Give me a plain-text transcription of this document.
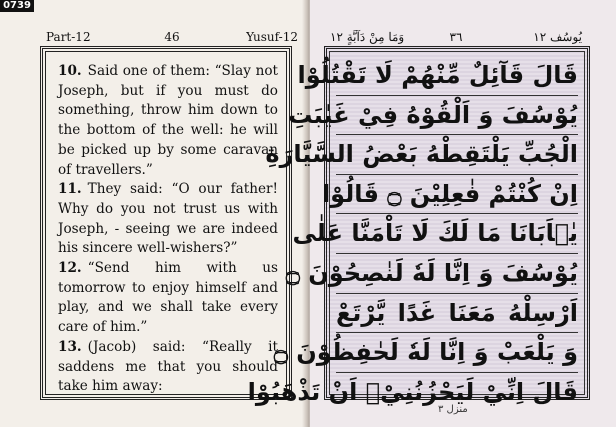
0739
Part-12	46	Yusuf-12

10. Said one of them: “Slay not Joseph, but if you must do something, throw him down to the bottom of the well: he will be picked up by some caravan of travellers.”

11. They said: “O our father! Why do you not trust us with Joseph, - seeing we are indeed his sincere well-wishers?”

12. “Send him with us tomorrow to enjoy himself and play, and we shall take every care of him.”

13. (Jacob) said: “Really it saddens me that you should take him away:

يُوسُف ١٢
٣٦
وَمَا مِنْ دَآبَّةٍ ١٢
قَالَ قَآئِلٌ مِّنْهُمْ لَا تَقْتُلُوْا
يُوْسُفَ وَ اَلْقُوْهُ فِيْ غَيٰبَتِ
الْجُبِّ يَلْتَقِطْهُ بَعْضُ السَّيَّارَةِ
اِنْ كُنْتُمْ فٰعِلِيْنَ ۝ قَالُوْا
يٰۤاَبَانَا مَا لَكَ لَا تَاْمَنَّا عَلٰى
يُوْسُفَ وَ اِنَّا لَهٗ لَنٰصِحُوْنَ ۝
اَرْسِلْهُ مَعَنَا غَدًا يَّرْتَعْ
وَ يَلْعَبْ وَ اِنَّا لَهٗ لَحٰفِظُوْنَ ۝
قَالَ اِنِّيْ لَيَحْزُنُنِيْۤ اَنْ تَذْهَبُوْا
منزل ٣
